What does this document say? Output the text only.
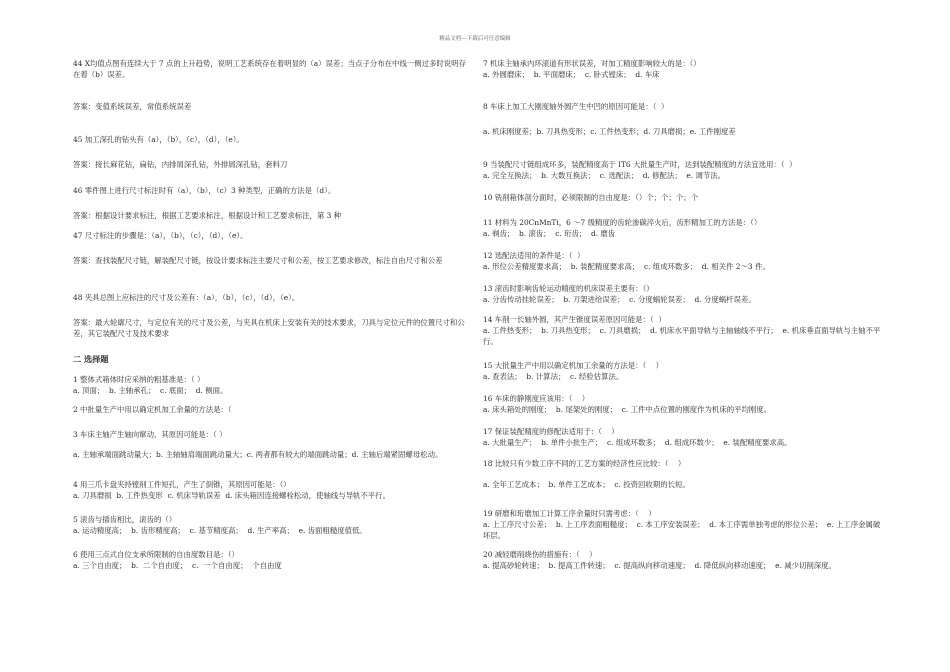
精品文档---下载后可任意编辑

44 X均值点图有连续大于 7 点的上升趋势，说明工艺系统存在着明显的（a）误差；当点子分布在中线一侧过多时说明存在着（b）误差。

答案：变值系统误差，常值系统误差

45 加工深孔的钻头有（a），（b），（c），（d），（e）。

答案：接长麻花钻，扁钻，内排屑深孔钻，外排屑深孔钻，套料刀

46 零件图上进行尺寸标注时有（a），（b），（c）3 种类型，正确的方法是（d）。

答案：根据设计要求标注，根据工艺要求标注，根据设计和工艺要求标注，第 3 种

47 尺寸标注的步骤是：（a），（b），（c），（d），（e）。

答案：查找装配尺寸链，解装配尺寸链，按设计要求标注主要尺寸和公差，按工艺要求修改，标注自由尺寸和公差

48 夹具总图上应标注的尺寸及公差有：（a），（b），（c），（d），（e）。

答案：最大轮廓尺寸，与定位有关的尺寸及公差，与夹具在机床上安装有关的技术要求，刀具与定位元件的位置尺寸和公差，其它装配尺寸及技术要求

二 选择题

1 整体式箱体时应采纳的粗基准是：（ ）
a. 顶面；  b. 主轴承孔；  c. 底面；  d. 侧面。

2 中批量生产中用以确定机加工余量的方法是：（

3 车床主轴产生轴向窜动，其原因可能是：（ ）

a. 主轴承端面跳动量大；b. 主轴轴肩端面跳动量大；c. 两者都有较大的端面跳动量；d. 主轴后端紧固螺母松动。

4 用三爪卡盘夹持镗削工件短孔，产生了倒锥，其原因可能是：（）
a. 刀具磨损  b. 工件热变形  c. 机床导轨误差  d. 床头箱因连接螺栓松动，使轴线与导轨不平行。

5 滚齿与插齿相比，滚齿的（）
a. 运动精度高；  b. 齿形精度高；  c. 基节精度高；  d. 生产率高；  e. 齿面粗糙度值低。

6 使用三点式自位支承所限制的自由度数目是：（）
a. 三个自由度；  b.  二个自由度；  c.  一个自由度；  个自由度

7 机床主轴承内环滚道有形状误差，对加工精度影响较大的是：（）
a. 外圆磨床；  b. 平面磨床；  c. 卧式镗床；  d. 车床

8 车床上加工大刚度轴外圆产生中凹的原因可能是：（  ）

a. 机床刚度差；b. 刀具热变形；c. 工件热变形；d. 刀具磨损；e. 工件刚度差

9 当装配尺寸链组成环多，装配精度高于 IT6 大批量生产时，达到装配精度的方法宜选用：（  ）
a. 完全互换法；  b. 大数互换法；  c. 选配法；  d. 修配法；  e. 调节法。

10 铣削箱体剖分面时，必须限制的自由度是：（）个；个；个；个

11 材料为 20CnMnTi，6 ～7 级精度的齿轮渗碳淬火后，齿形精加工的方法是：（）
a. 剃齿；  b. 滚齿；  c. 珩齿；  d. 磨齿

12 选配法适用的条件是：（  ）
a. 形位公差精度要求高；  b. 装配精度要求高；  c. 组成环数多；  d. 相关件 2～3 件。

13 滚齿时影响齿轮运动精度的机床误差主要有：（）
a. 分齿传动挂轮误差；  b. 刀架进给误差；  c. 分度蜗轮误差；  d. 分度蜗杆误差。

14 车削一长轴外圆，其产生锥度误差原因可能是：（  ）
a. 工件热变形；  b. 刀具热变形；  c. 刀具磨损；  d. 机床水平面导轨与主轴轴线不平行；  e. 机床垂直面导轨与主轴不平行。

15 大批量生产中用以确定机加工余量的方法是：（    ）
a. 查表法；  b. 计算法；  c. 经验估算法。

16 车床的静刚度应该用：（    ）
a. 床头箱处的刚度；  b. 尾架处的刚度；  c. 工件中点位置的刚度作为机床的平均刚度。

17 保证装配精度的修配法适用于：（    ）
a. 大批量生产；  b. 单件小批生产；  c. 组成环数多；  d. 组成环数少；  e. 装配精度要求高。

18 比较只有少数工序不同的工艺方案的经济性应比较：（    ）

a. 全年工艺成本；  b. 单件工艺成本；  c. 投资回收期的长短。

19 研磨和珩磨加工计算工序余量时只需考虑：（    ）
a. 上工序尺寸公差；  b. 上工序表面粗糙度；  c. 本工序安装误差；  d. 本工序需单独考虑的形位公差；  e. 上工序金属破坏层。

20 减轻磨削烧伤的措施有：（    ）
a. 提高砂轮转速；  b. 提高工件转速；  c. 提高纵向移动速度；  d. 降低纵向移动速度；  e. 减少切削深度。
